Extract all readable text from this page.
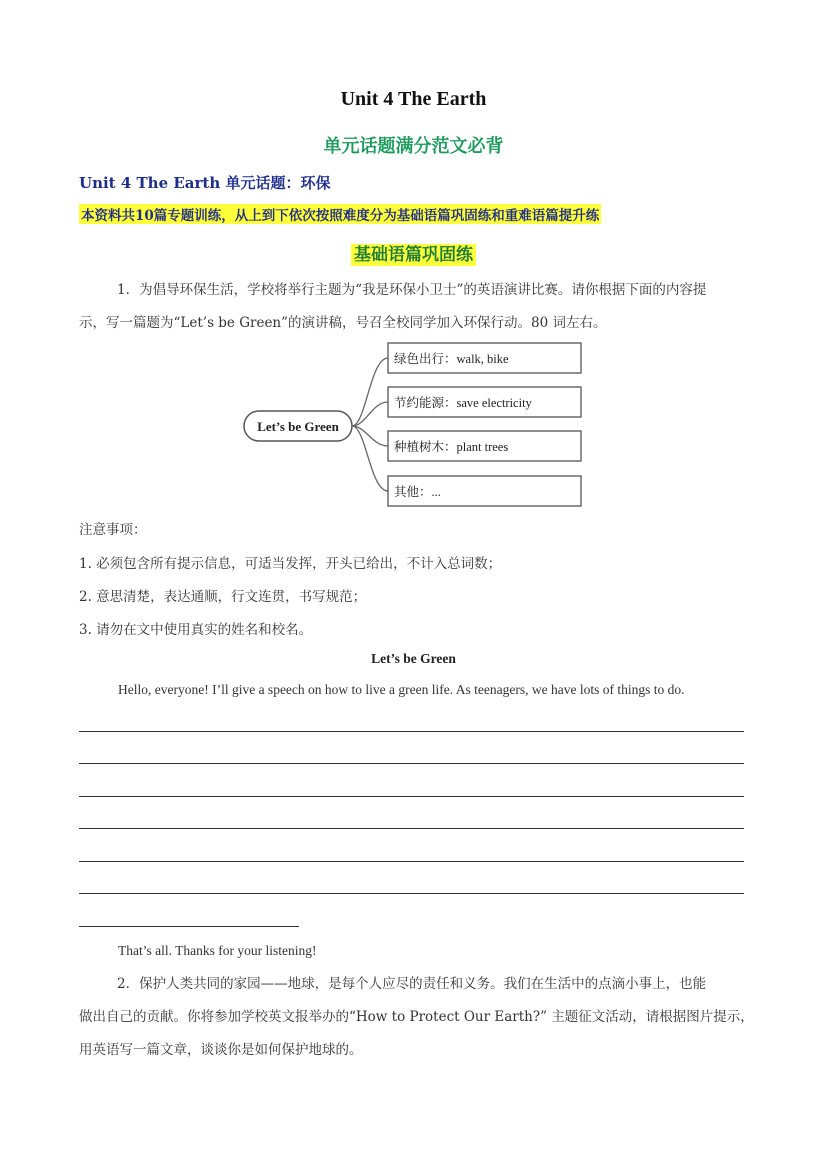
Unit 4 The Earth
单元话题满分范文必背
Unit 4 The Earth 单元话题：环保
本资料共10篇专题训练，从上到下依次按照难度分为基础语篇巩固练和重难语篇提升练
基础语篇巩固练
1．为倡导环保生活，学校将举行主题为“我是环保小卫士”的英语演讲比赛。请你根据下面的内容提
示，写一篇题为“Let’s be Green”的演讲稿，号召全校同学加入环保行动。80 词左右。
Let’s be Green
绿色出行：walk, bike
节约能源：save electricity
种植树木：plant trees
其他：...
注意事项：
1. 必须包含所有提示信息，可适当发挥，开头已给出，不计入总词数；
2. 意思清楚，表达通顺，行文连贯，书写规范；
3. 请勿在文中使用真实的姓名和校名。
Let’s be Green
Hello, everyone! I’ll give a speech on how to live a green life. As teenagers, we have lots of things to do.
That’s all. Thanks for your listening!
2．保护人类共同的家园——地球，是每个人应尽的责任和义务。我们在生活中的点滴小事上，也能
做出自己的贡献。你将参加学校英文报举办的“How to Protect Our Earth?” 主题征文活动，请根据图片提示，
用英语写一篇文章，谈谈你是如何保护地球的。
